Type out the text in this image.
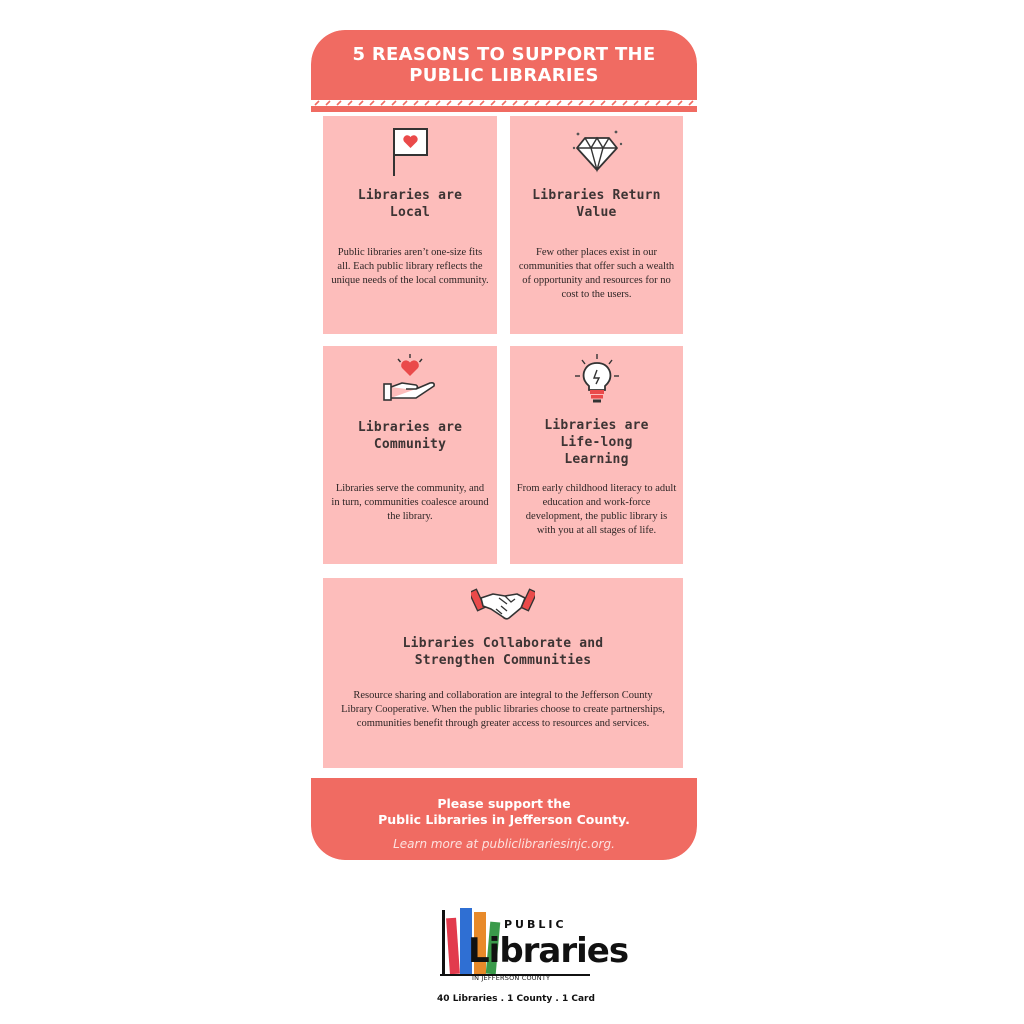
5 REASONS TO SUPPORT THE
PUBLIC LIBRARIES
Libraries are
Local
Public libraries aren’t one-size fits all. Each public library reflects the unique needs of the local community.
Libraries Return
Value
Few other places exist in our communities that offer such a wealth of opportunity and resources for no cost to the users.
Libraries are
Community
Libraries serve the community, and in turn, communities coalesce around the library.
Libraries are
Life-long
Learning
From early childhood literacy to adult education and work-force development, the public library is with you at all stages of life.
Libraries Collaborate and
Strengthen Communities
Resource sharing and collaboration are integral to the Jefferson County Library Cooperative. When the public libraries choose to create partnerships, communities benefit through greater access to resources and services.
Please support the
Public Libraries in Jefferson County.
Learn more at publiclibrariesinjc.org.
PUBLIC
Libraries
IN JEFFERSON COUNTY
40 Libraries . 1 County . 1 Card
